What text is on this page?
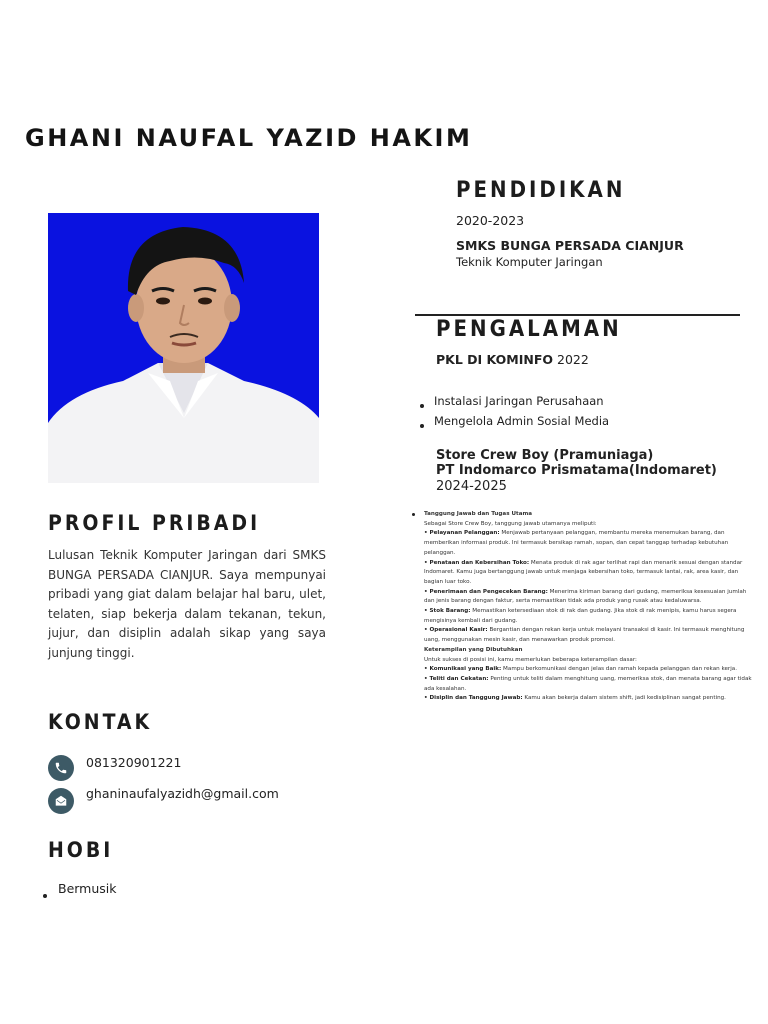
GHANI NAUFAL YAZID HAKIM
PENDIDIKAN
2020-2023
SMKS BUNGA PERSADA CIANJUR
Teknik Komputer Jaringan
PENGALAMAN
PKL DI KOMINFO 2022
Instalasi Jaringan Perusahaan
Mengelola Admin Sosial Media
Store Crew Boy (Pramuniaga)
PT Indomarco Prismatama(Indomaret)
2024-2025

Tanggung Jawab dan Tugas Utama

Sebagai Store Crew Boy, tanggung jawab utamanya meliputi:

• Pelayanan Pelanggan: Menjawab pertanyaan pelanggan, membantu mereka menemukan barang, dan memberikan informasi produk. Ini termasuk bersikap ramah, sopan, dan cepat tanggap terhadap kebutuhan pelanggan.

• Penataan dan Kebersihan Toko: Menata produk di rak agar terlihat rapi dan menarik sesuai dengan standar Indomaret. Kamu juga bertanggung jawab untuk menjaga kebersihan toko, termasuk lantai, rak, area kasir, dan bagian luar toko.

• Penerimaan dan Pengecekan Barang: Menerima kiriman barang dari gudang, memeriksa kesesuaian jumlah dan jenis barang dengan faktur, serta memastikan tidak ada produk yang rusak atau kedaluwarsa.

• Stok Barang: Memastikan ketersediaan stok di rak dan gudang. Jika stok di rak menipis, kamu harus segera mengisinya kembali dari gudang.

• Operasional Kasir: Bergantian dengan rekan kerja untuk melayani transaksi di kasir. Ini termasuk menghitung uang, menggunakan mesin kasir, dan menawarkan produk promosi.

Keterampilan yang Dibutuhkan

Untuk sukses di posisi ini, kamu memerlukan beberapa keterampilan dasar:

• Komunikasi yang Baik: Mampu berkomunikasi dengan jelas dan ramah kepada pelanggan dan rekan kerja.

• Teliti dan Cekatan: Penting untuk teliti dalam menghitung uang, memeriksa stok, dan menata barang agar tidak ada kesalahan.

• Disiplin dan Tanggung Jawab: Kamu akan bekerja dalam sistem shift, jadi kedisiplinan sangat penting.

PROFIL PRIBADI
Lulusan Teknik Komputer Jaringan dari SMKS BUNGA PERSADA CIANJUR. Saya mempunyai pribadi yang giat dalam belajar hal baru, ulet, telaten, siap bekerja dalam tekanan, tekun, jujur, dan disiplin adalah sikap yang saya junjung tinggi.
KONTAK
081320901221
ghaninaufalyazidh@gmail.com
HOBI
Bermusik
